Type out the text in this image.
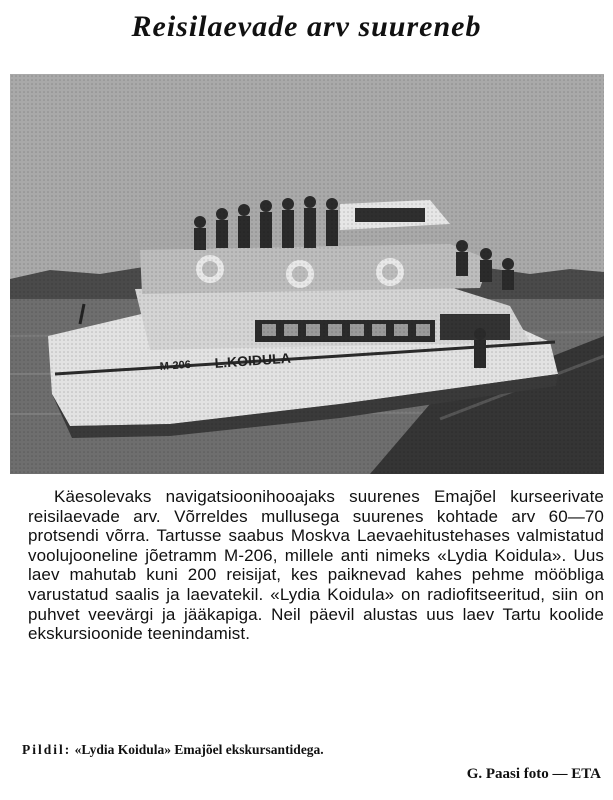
Reisilaevade arv suureneb

Käesolevaks navigatsioonihooajaks suurenes Emajõel kurseerivate reisilaevade arv. Võrreldes mullusega suurenes kohtade arv 60—70 protsendi võrra. Tartusse saabus Moskva Laevaehitustehases valmistatud voolujooneline jõetramm M-206, millele anti nimeks «Lydia Koidula». Uus laev mahutab kuni 200 reisijat, kes paiknevad kahes pehme mööbliga varustatud saalis ja laevatekil. «Lydia Koidula» on radiofitseeritud, siin on puhvet veevärgi ja jääkapiga. Neil päevil alustas uus laev Tartu koolide ekskursioonide teenindamist.

Pildil: «Lydia Koidula» Emajõel ekskursantidega.
G. Paasi foto — ETA
